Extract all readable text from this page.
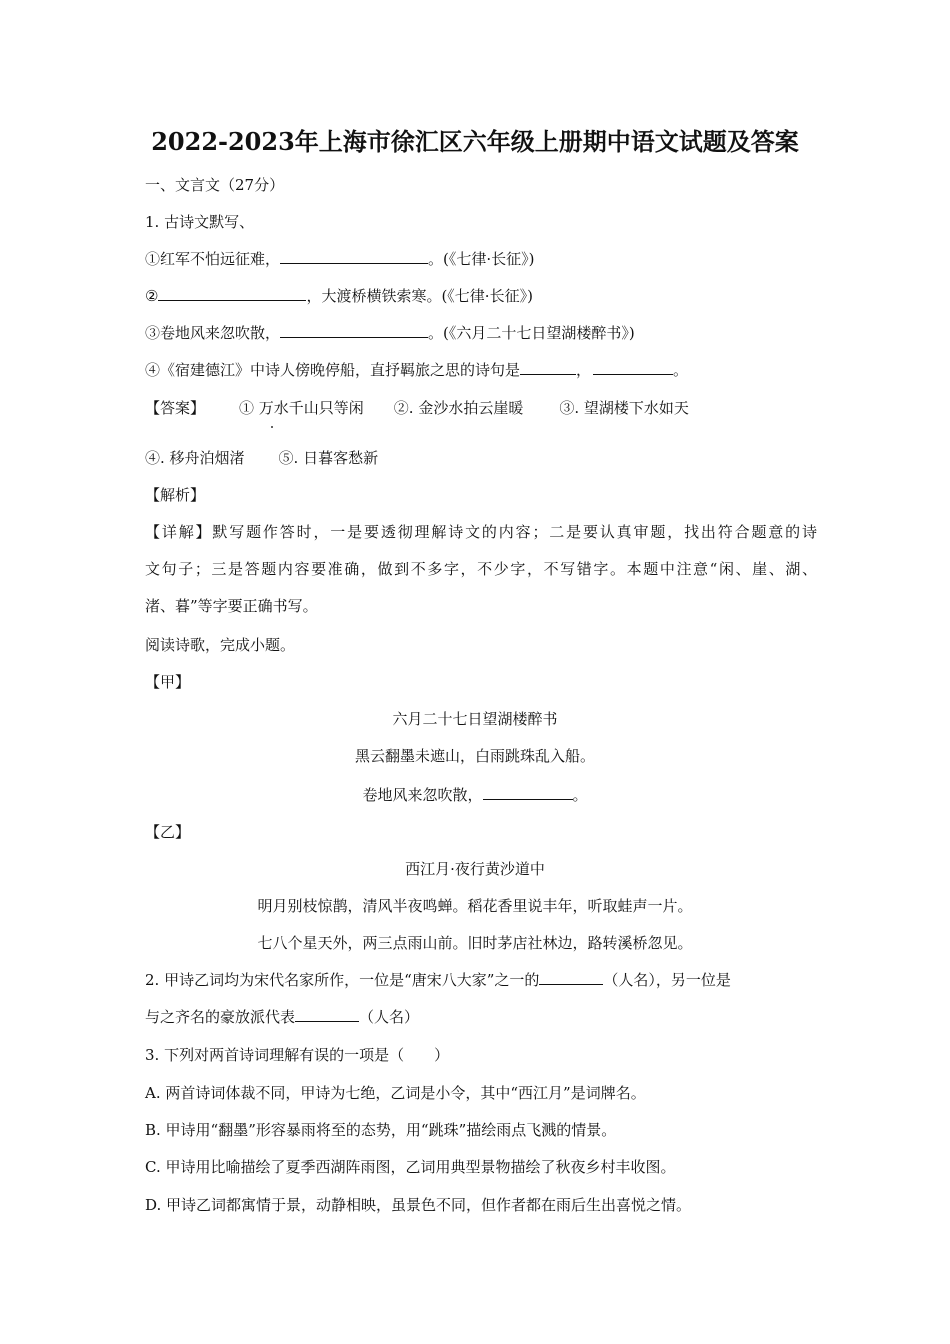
2022-2023年上海市徐汇区六年级上册期中语文试题及答案
一、文言文（27分）
1. 古诗文默写、
①红军不怕远征难，	。(《七律·长征》)
②	，大渡桥横铁索寒。(《七律·长征》)
③卷地风来忽吹散，	。(《六月二十七日望湖楼醉书》)
④《宿建德江》中诗人傍晚停船，直抒羁旅之思的诗句是	，	。
【答案】 ① 万水千山只等闲 ②. 金沙水拍云崖暖 ③. 望湖楼下水如天
④. 移舟泊烟渚 ⑤. 日暮客愁新
【解析】
【详解】默写题作答时，一是要透彻理解诗文的内容；二是要认真审题，找出符合题意的诗
文句子；三是答题内容要准确，做到不多字，不少字，不写错字。本题中注意“闲、崖、湖、
渚、暮”等字要正确书写。
阅读诗歌，完成小题。
【甲】
六月二十七日望湖楼醉书
黑云翻墨未遮山，白雨跳珠乱入船。
卷地风来忽吹散，	。
【乙】
西江月·夜行黄沙道中
明月别枝惊鹊，清风半夜鸣蝉。稻花香里说丰年，听取蛙声一片。
七八个星天外，两三点雨山前。旧时茅店社林边，路转溪桥忽见。
2. 甲诗乙词均为宋代名家所作，一位是“唐宋八大家”之一的	（人名），另一位是
与之齐名的豪放派代表	（人名）
3. 下列对两首诗词理解有误的一项是（　　）
A. 两首诗词体裁不同，甲诗为七绝，乙词是小令，其中“西江月”是词牌名。
B. 甲诗用“翻墨”形容暴雨将至的态势，用“跳珠”描绘雨点飞溅的情景。
C. 甲诗用比喻描绘了夏季西湖阵雨图，乙词用典型景物描绘了秋夜乡村丰收图。
D. 甲诗乙词都寓情于景，动静相映，虽景色不同，但作者都在雨后生出喜悦之情。
